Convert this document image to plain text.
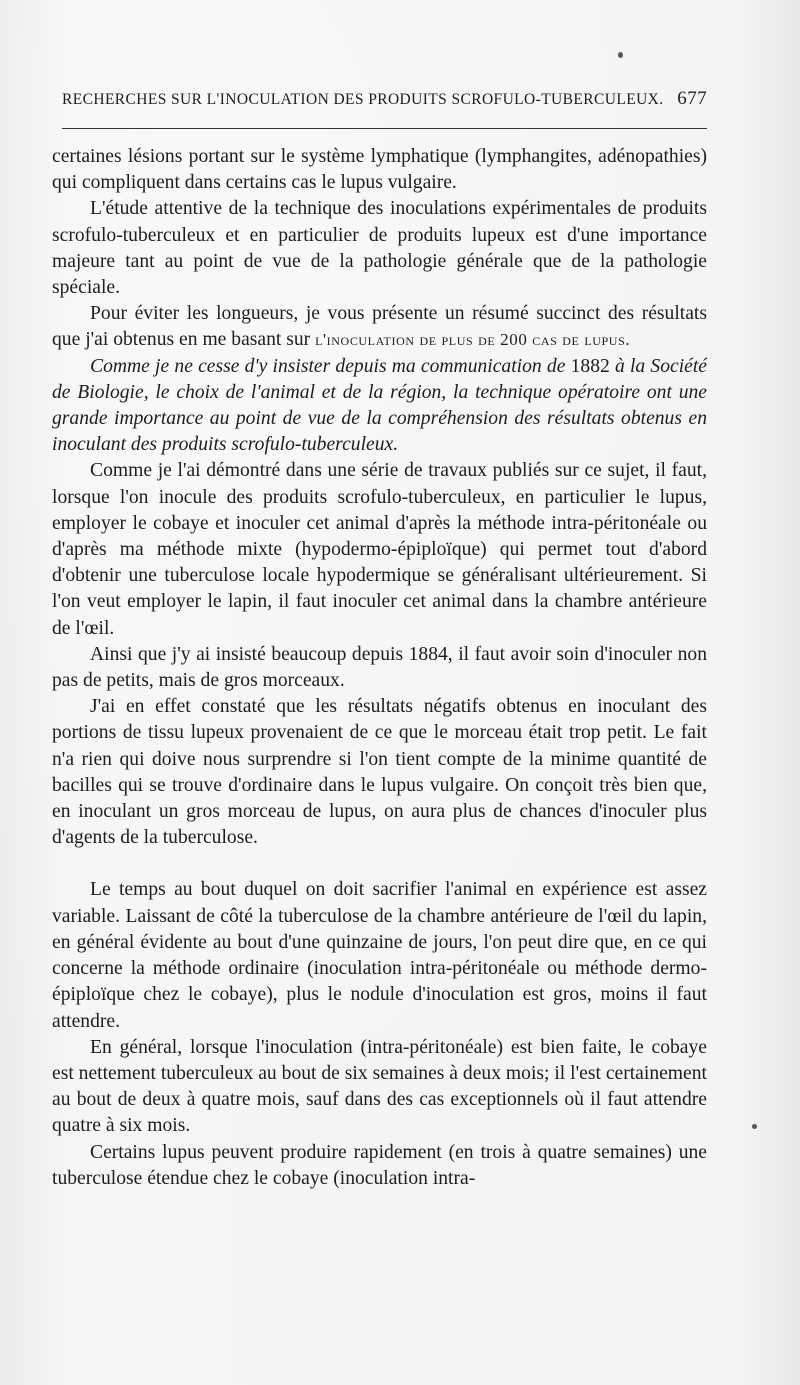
RECHERCHES SUR L'INOCULATION DES PRODUITS SCROFULO-TUBERCULEUX. 677

certaines lésions portant sur le système lymphatique (lymphangites, adénopathies) qui compliquent dans certains cas le lupus vulgaire.

L'étude attentive de la technique des inoculations expérimentales de produits scrofulo-tuberculeux et en particulier de produits lupeux est d'une importance majeure tant au point de vue de la pathologie générale que de la pathologie spéciale.

Pour éviter les longueurs, je vous présente un résumé succinct des résultats que j'ai obtenus en me basant sur l'inoculation de plus de 200 cas de lupus.

Comme je ne cesse d'y insister depuis ma communication de 1882 à la Société de Biologie, le choix de l'animal et de la région, la technique opératoire ont une grande importance au point de vue de la compréhension des résultats obtenus en inoculant des produits scrofulo-tuberculeux.

Comme je l'ai démontré dans une série de travaux publiés sur ce sujet, il faut, lorsque l'on inocule des produits scrofulo-tuberculeux, en particulier le lupus, employer le cobaye et inoculer cet animal d'après la méthode intra-péritonéale ou d'après ma méthode mixte (hypodermo-épiploïque) qui permet tout d'abord d'obtenir une tuberculose locale hypodermique se généralisant ultérieurement. Si l'on veut employer le lapin, il faut inoculer cet animal dans la chambre antérieure de l'œil.

Ainsi que j'y ai insisté beaucoup depuis 1884, il faut avoir soin d'inoculer non pas de petits, mais de gros morceaux.

J'ai en effet constaté que les résultats négatifs obtenus en inoculant des portions de tissu lupeux provenaient de ce que le morceau était trop petit. Le fait n'a rien qui doive nous surprendre si l'on tient compte de la minime quantité de bacilles qui se trouve d'ordinaire dans le lupus vulgaire. On conçoit très bien que, en inoculant un gros morceau de lupus, on aura plus de chances d'inoculer plus d'agents de la tuberculose.

Le temps au bout duquel on doit sacrifier l'animal en expérience est assez variable. Laissant de côté la tuberculose de la chambre antérieure de l'œil du lapin, en général évidente au bout d'une quinzaine de jours, l'on peut dire que, en ce qui concerne la méthode ordinaire (inoculation intra-péritonéale ou méthode dermo-épiploïque chez le cobaye), plus le nodule d'inoculation est gros, moins il faut attendre.

En général, lorsque l'inoculation (intra-péritonéale) est bien faite, le cobaye est nettement tuberculeux au bout de six semaines à deux mois; il l'est certainement au bout de deux à quatre mois, sauf dans des cas exceptionnels où il faut attendre quatre à six mois.

Certains lupus peuvent produire rapidement (en trois à quatre semaines) une tuberculose étendue chez le cobaye (inoculation intra-
